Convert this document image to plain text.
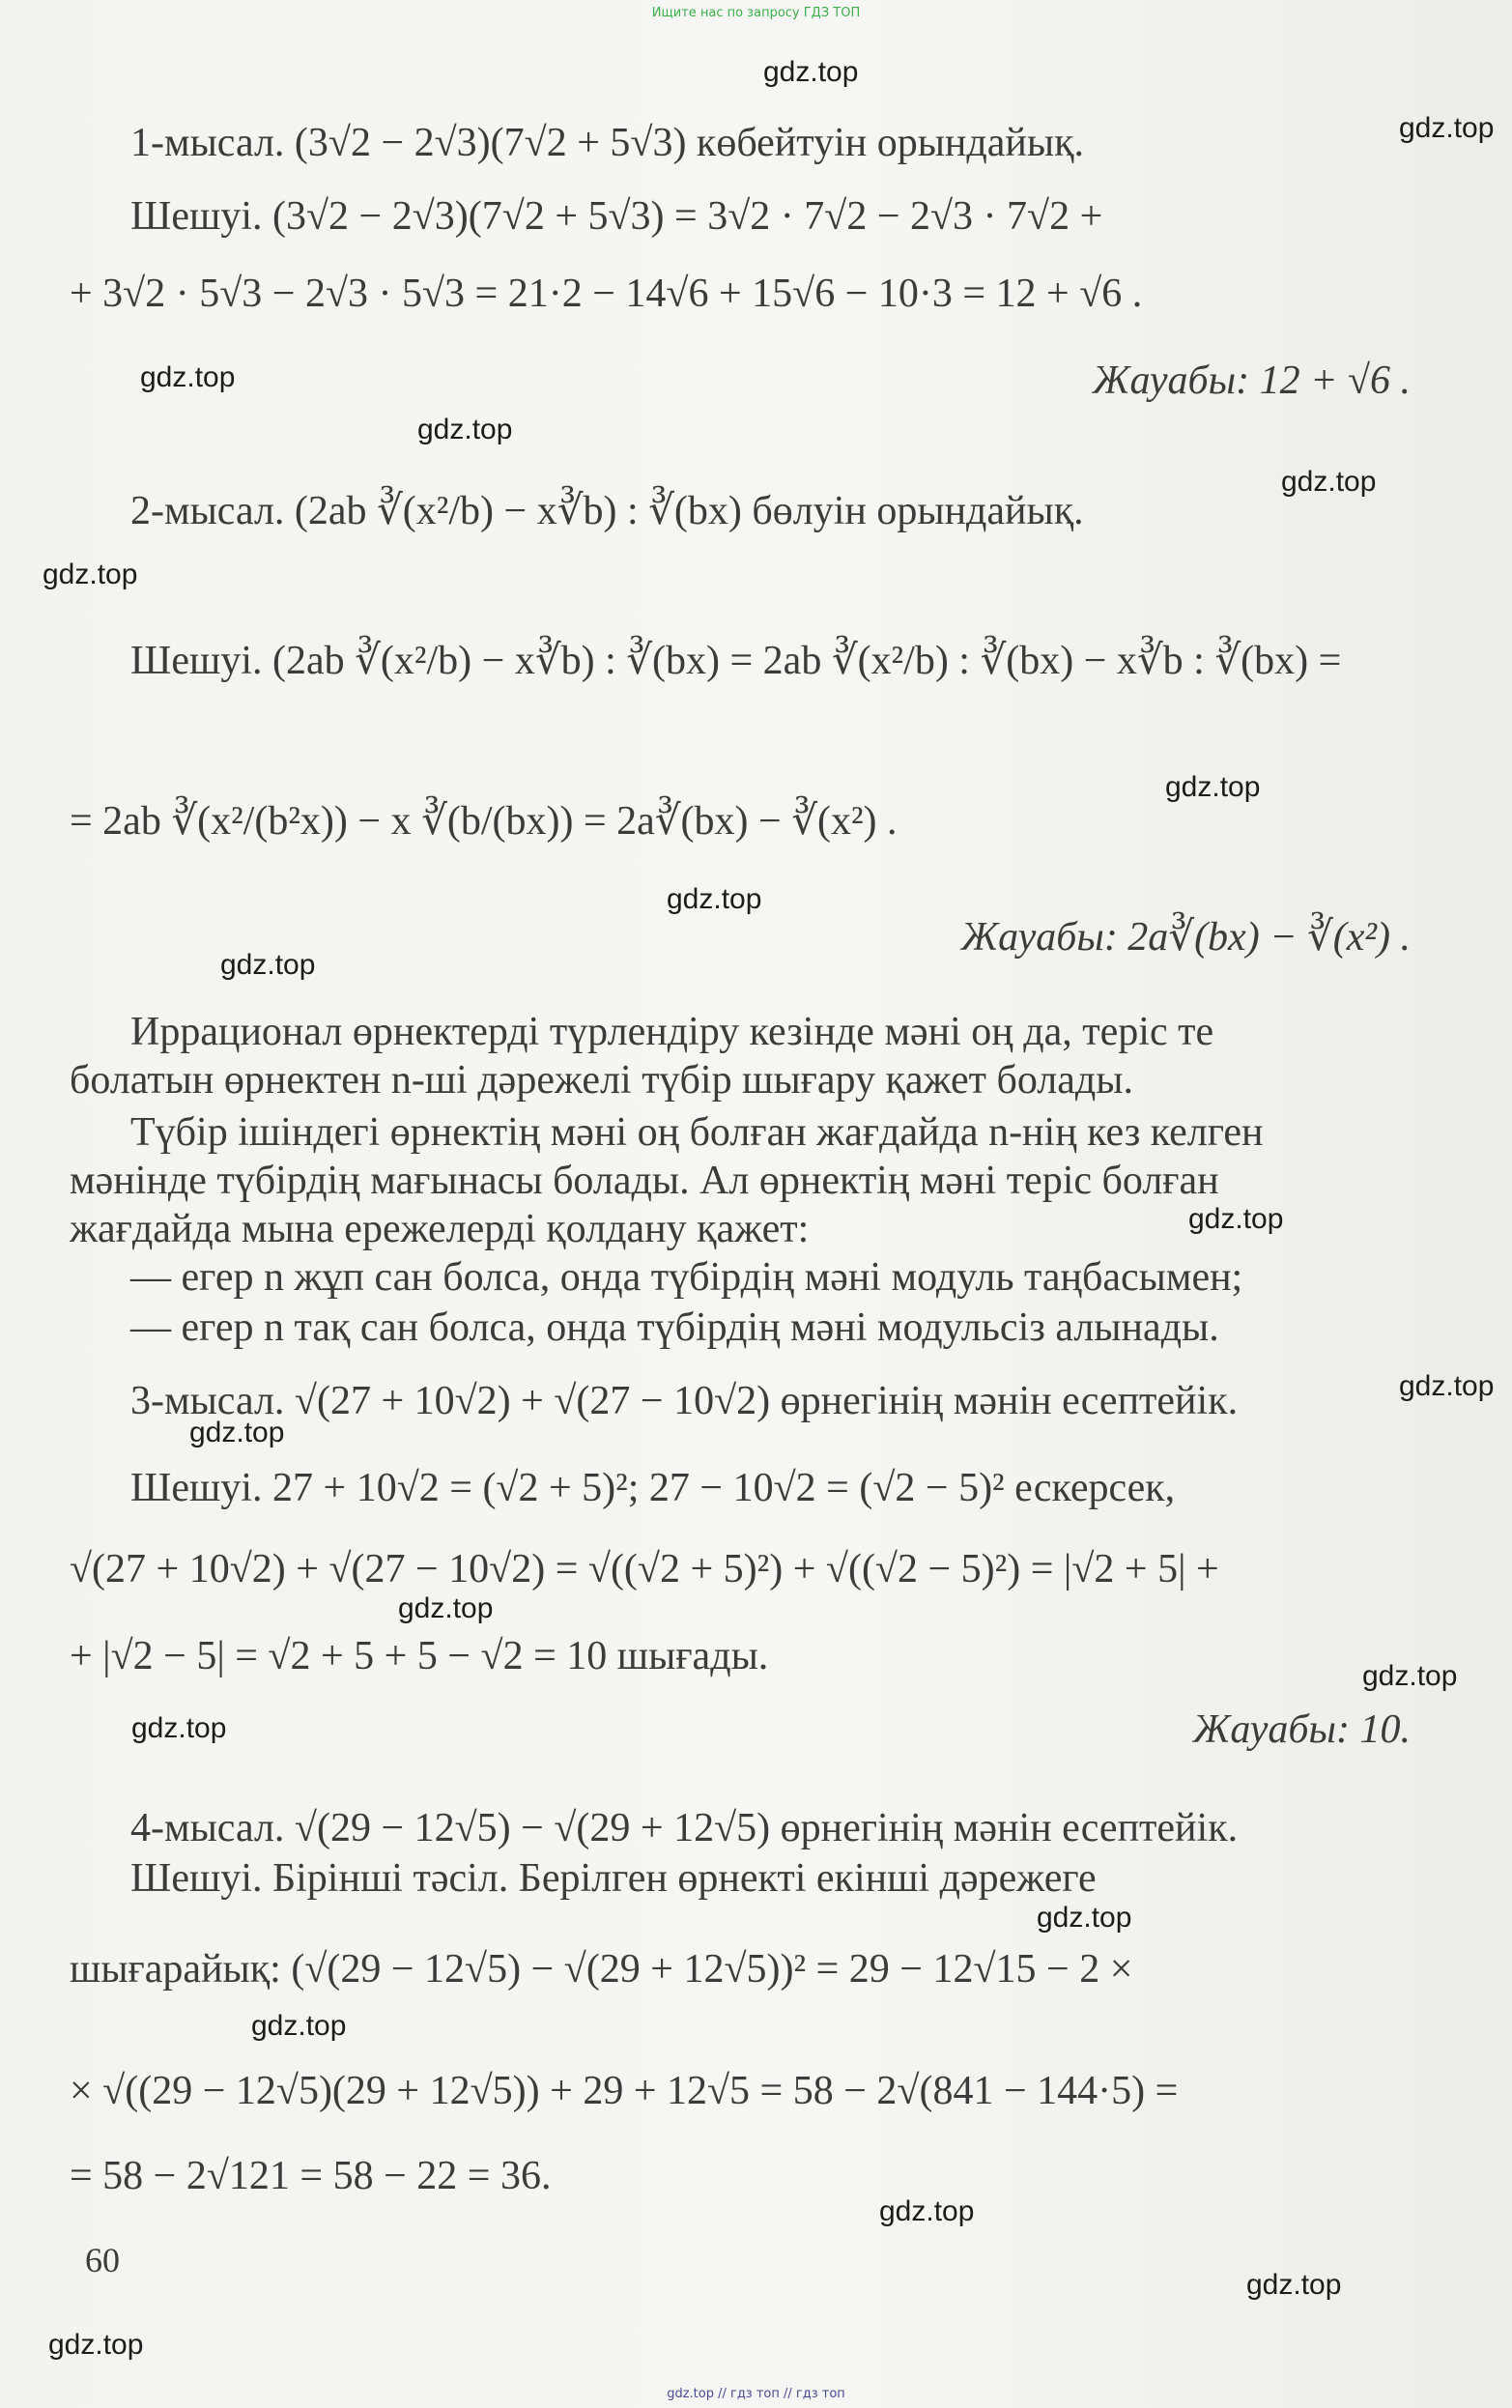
Ищите нас по запросу ГДЗ ТОП
gdz.top
gdz.top
gdz.top
gdz.top
gdz.top
gdz.top
gdz.top
gdz.top
gdz.top
gdz.top
gdz.top
gdz.top
gdz.top
gdz.top
gdz.top
gdz.top
gdz.top
gdz.top
gdz.top
gdz.top
1-мысал. (3√2 − 2√3)(7√2 + 5√3) көбейтуін орындайық.
Шешуі. (3√2 − 2√3)(7√2 + 5√3) = 3√2 · 7√2 − 2√3 · 7√2 +
+ 3√2 · 5√3 − 2√3 · 5√3 = 21·2 − 14√6 + 15√6 − 10·3 = 12 + √6 .
Жауабы: 12 + √6 .
2-мысал. (2ab ∛(x²/b) − x∛b) : ∛(bx) бөлуін орындайық.
Шешуі. (2ab ∛(x²/b) − x∛b) : ∛(bx) = 2ab ∛(x²/b) : ∛(bx) − x∛b : ∛(bx) =
= 2ab ∛(x²/(b²x)) − x ∛(b/(bx)) = 2a∛(bx) − ∛(x²) .
Жауабы: 2a∛(bx) − ∛(x²) .
Иррационал өрнектерді түрлендіру кезінде мәні оң да, теріс те
болатын өрнектен n-ші дәрежелі түбір шығару қажет болады.
Түбір ішіндегі өрнектің мәні оң болған жағдайда n-нің кез келген
мәнінде түбірдің мағынасы болады. Ал өрнектің мәні теріс болған
жағдайда мына ережелерді қолдану қажет:
— егер n жұп сан болса, онда түбірдің мәні модуль таңбасымен;
— егер n тақ сан болса, онда түбірдің мәні модульсіз алынады.
3-мысал. √(27 + 10√2) + √(27 − 10√2) өрнегінің мәнін есептейік.
Шешуі. 27 + 10√2 = (√2 + 5)²; 27 − 10√2 = (√2 − 5)² ескерсек,
√(27 + 10√2) + √(27 − 10√2) = √((√2 + 5)²) + √((√2 − 5)²) = |√2 + 5| +
+ |√2 − 5| = √2 + 5 + 5 − √2 = 10 шығады.
Жауабы: 10.
4-мысал. √(29 − 12√5) − √(29 + 12√5) өрнегінің мәнін есептейік.
Шешуі. Бірінші тәсіл. Берілген өрнекті екінші дәрежеге
шығарайық: (√(29 − 12√5) − √(29 + 12√5))² = 29 − 12√15 − 2 ×
× √((29 − 12√5)(29 + 12√5)) + 29 + 12√5 = 58 − 2√(841 − 144·5) =
= 58 − 2√121 = 58 − 22 = 36.
60
gdz.top // гдз топ // гдз топ
